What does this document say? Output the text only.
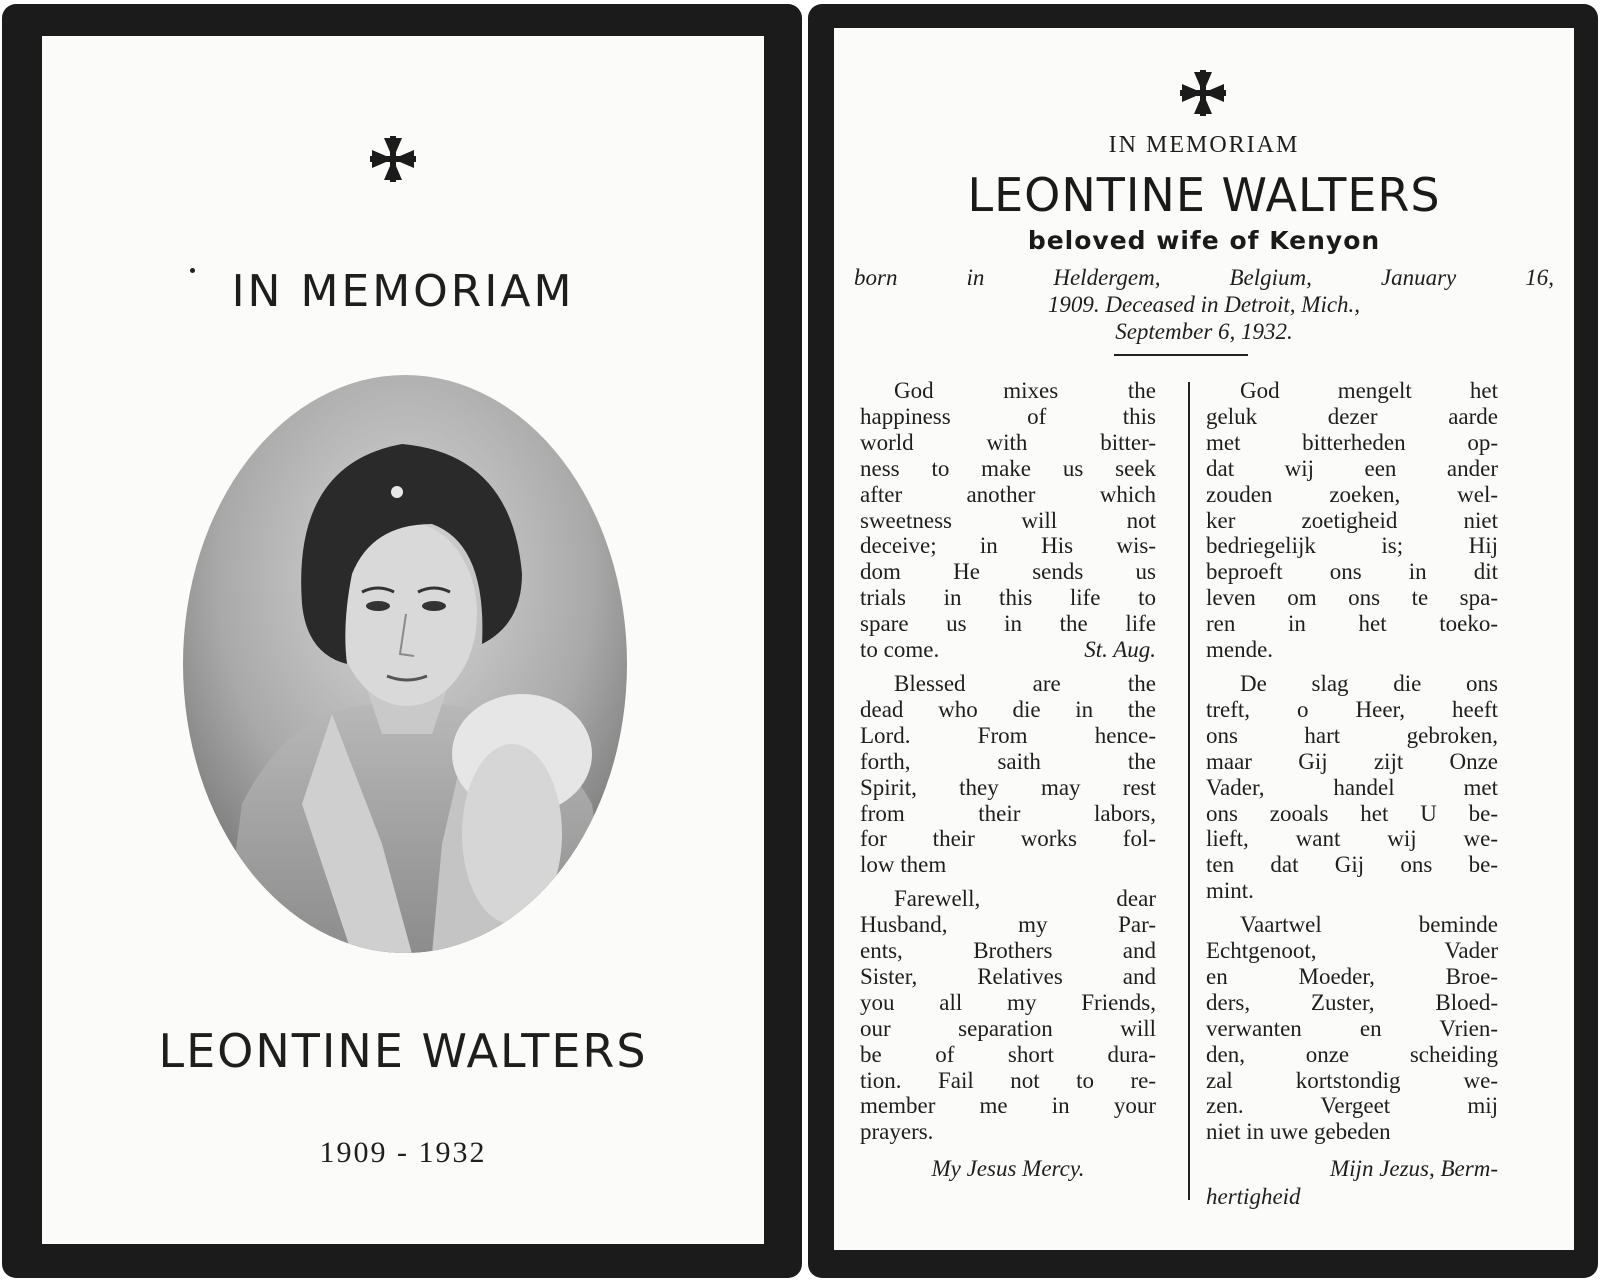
IN MEMORIAM
LEONTINE WALTERS
1909 - 1932
IN MEMORIAM
LEONTINE WALTERS
beloved wife of Kenyon
born in Heldergem, Belgium, January 16,
1909. Deceased in Detroit, Mich.,
September 6, 1932.
God mixes the
happiness of this
world with bitter-
ness to make us seek
after another which
sweetness will not
deceive; in His wis-
dom He sends us
trials in this life to
spare us in the life
to come.	St. Aug.
Blessed are the
dead who die in the
Lord. From hence-
forth, saith the
Spirit, they may rest
from their labors,
for their works fol-
low them
Farewell, dear
Husband, my Par-
ents, Brothers and
Sister, Relatives and
you all my Friends,
our separation will
be of short dura-
tion. Fail not to re-
member me in your
prayers.
My Jesus Mercy.
God mengelt het
geluk dezer aarde
met bitterheden op-
dat wij een ander
zouden zoeken, wel-
ker zoetigheid niet
bedriegelijk is; Hij
beproeft ons in dit
leven om ons te spa-
ren in het toeko-
mende.
De slag die ons
treft, o Heer, heeft
ons hart gebroken,
maar Gij zijt Onze
Vader, handel met
ons zooals het U be-
lieft, want wij we-
ten dat Gij ons be-
mint.
Vaartwel beminde
Echtgenoot, Vader
en Moeder, Broe-
ders, Zuster, Bloed-
verwanten en Vrien-
den, onze scheiding
zal kortstondig we-
zen. Vergeet mij
niet in uwe gebeden
Mijn Jezus, Berm-
hertigheid
